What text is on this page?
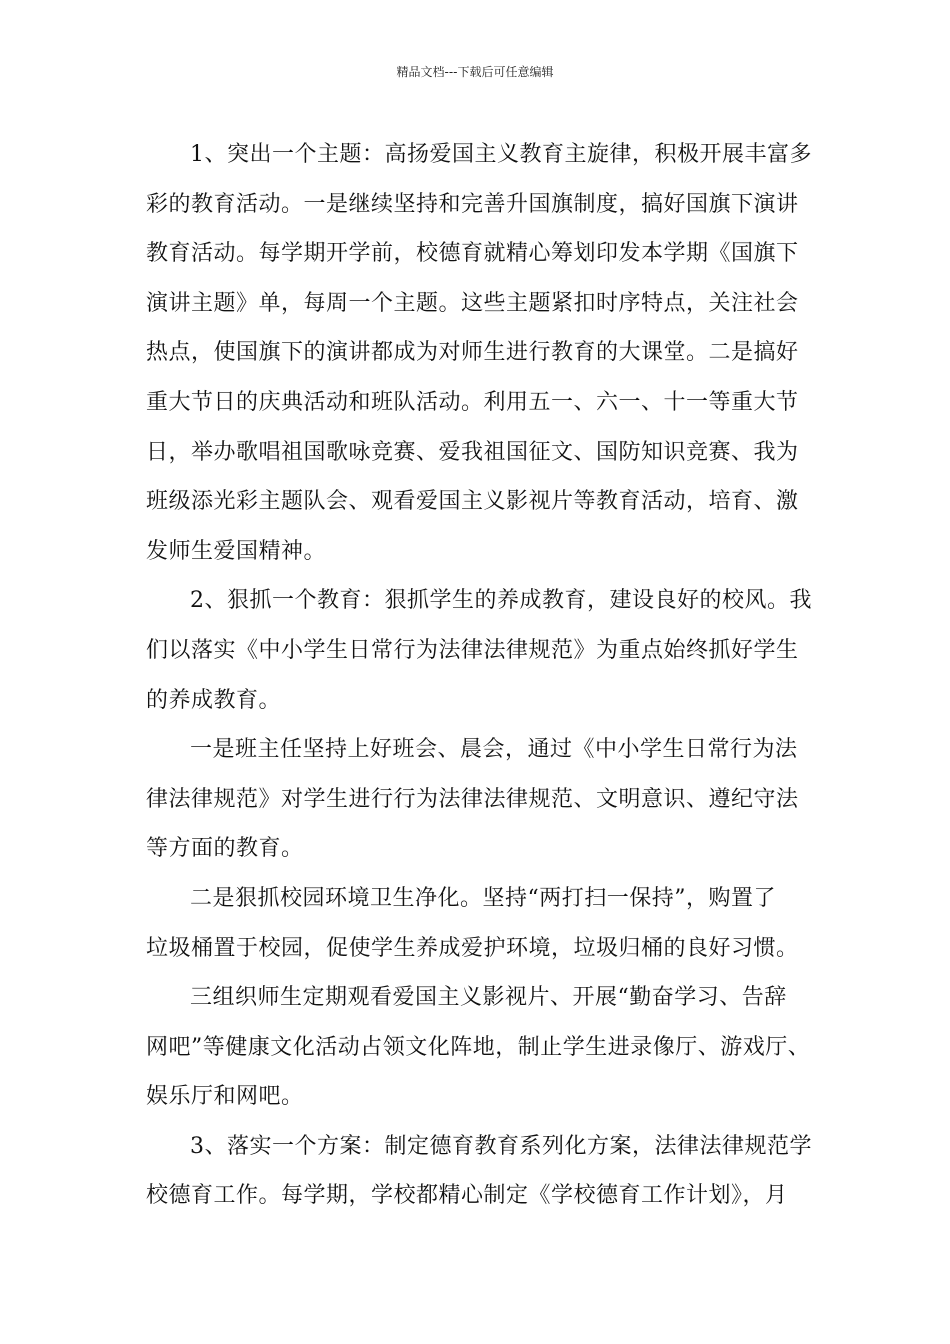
精品文档---下载后可任意编辑

1、突出一个主题：高扬爱国主义教育主旋律，积极开展丰富多
彩的教育活动。一是继续坚持和完善升国旗制度，搞好国旗下演讲
教育活动。每学期开学前，校德育就精心筹划印发本学期《国旗下
演讲主题》单，每周一个主题。这些主题紧扣时序特点，关注社会
热点，使国旗下的演讲都成为对师生进行教育的大课堂。二是搞好
重大节日的庆典活动和班队活动。利用五一、六一、十一等重大节
日，举办歌唱祖国歌咏竞赛、爱我祖国征文、国防知识竞赛、我为
班级添光彩主题队会、观看爱国主义影视片等教育活动，培育、激
发师生爱国精神。

2、狠抓一个教育：狠抓学生的养成教育，建设良好的校风。我
们以落实《中小学生日常行为法律法律规范》为重点始终抓好学生
的养成教育。

一是班主任坚持上好班会、晨会，通过《中小学生日常行为法
律法律规范》对学生进行行为法律法律规范、文明意识、遵纪守法
等方面的教育。

二是狠抓校园环境卫生净化。坚持“两打扫一保持”，购置了
垃圾桶置于校园，促使学生养成爱护环境，垃圾归桶的良好习惯。

三组织师生定期观看爱国主义影视片、开展“勤奋学习、告辞
网吧”等健康文化活动占领文化阵地，制止学生进录像厅、游戏厅、
娱乐厅和网吧。

3、落实一个方案：制定德育教育系列化方案，法律法律规范学
校德育工作。每学期，学校都精心制定《学校德育工作计划》，月
